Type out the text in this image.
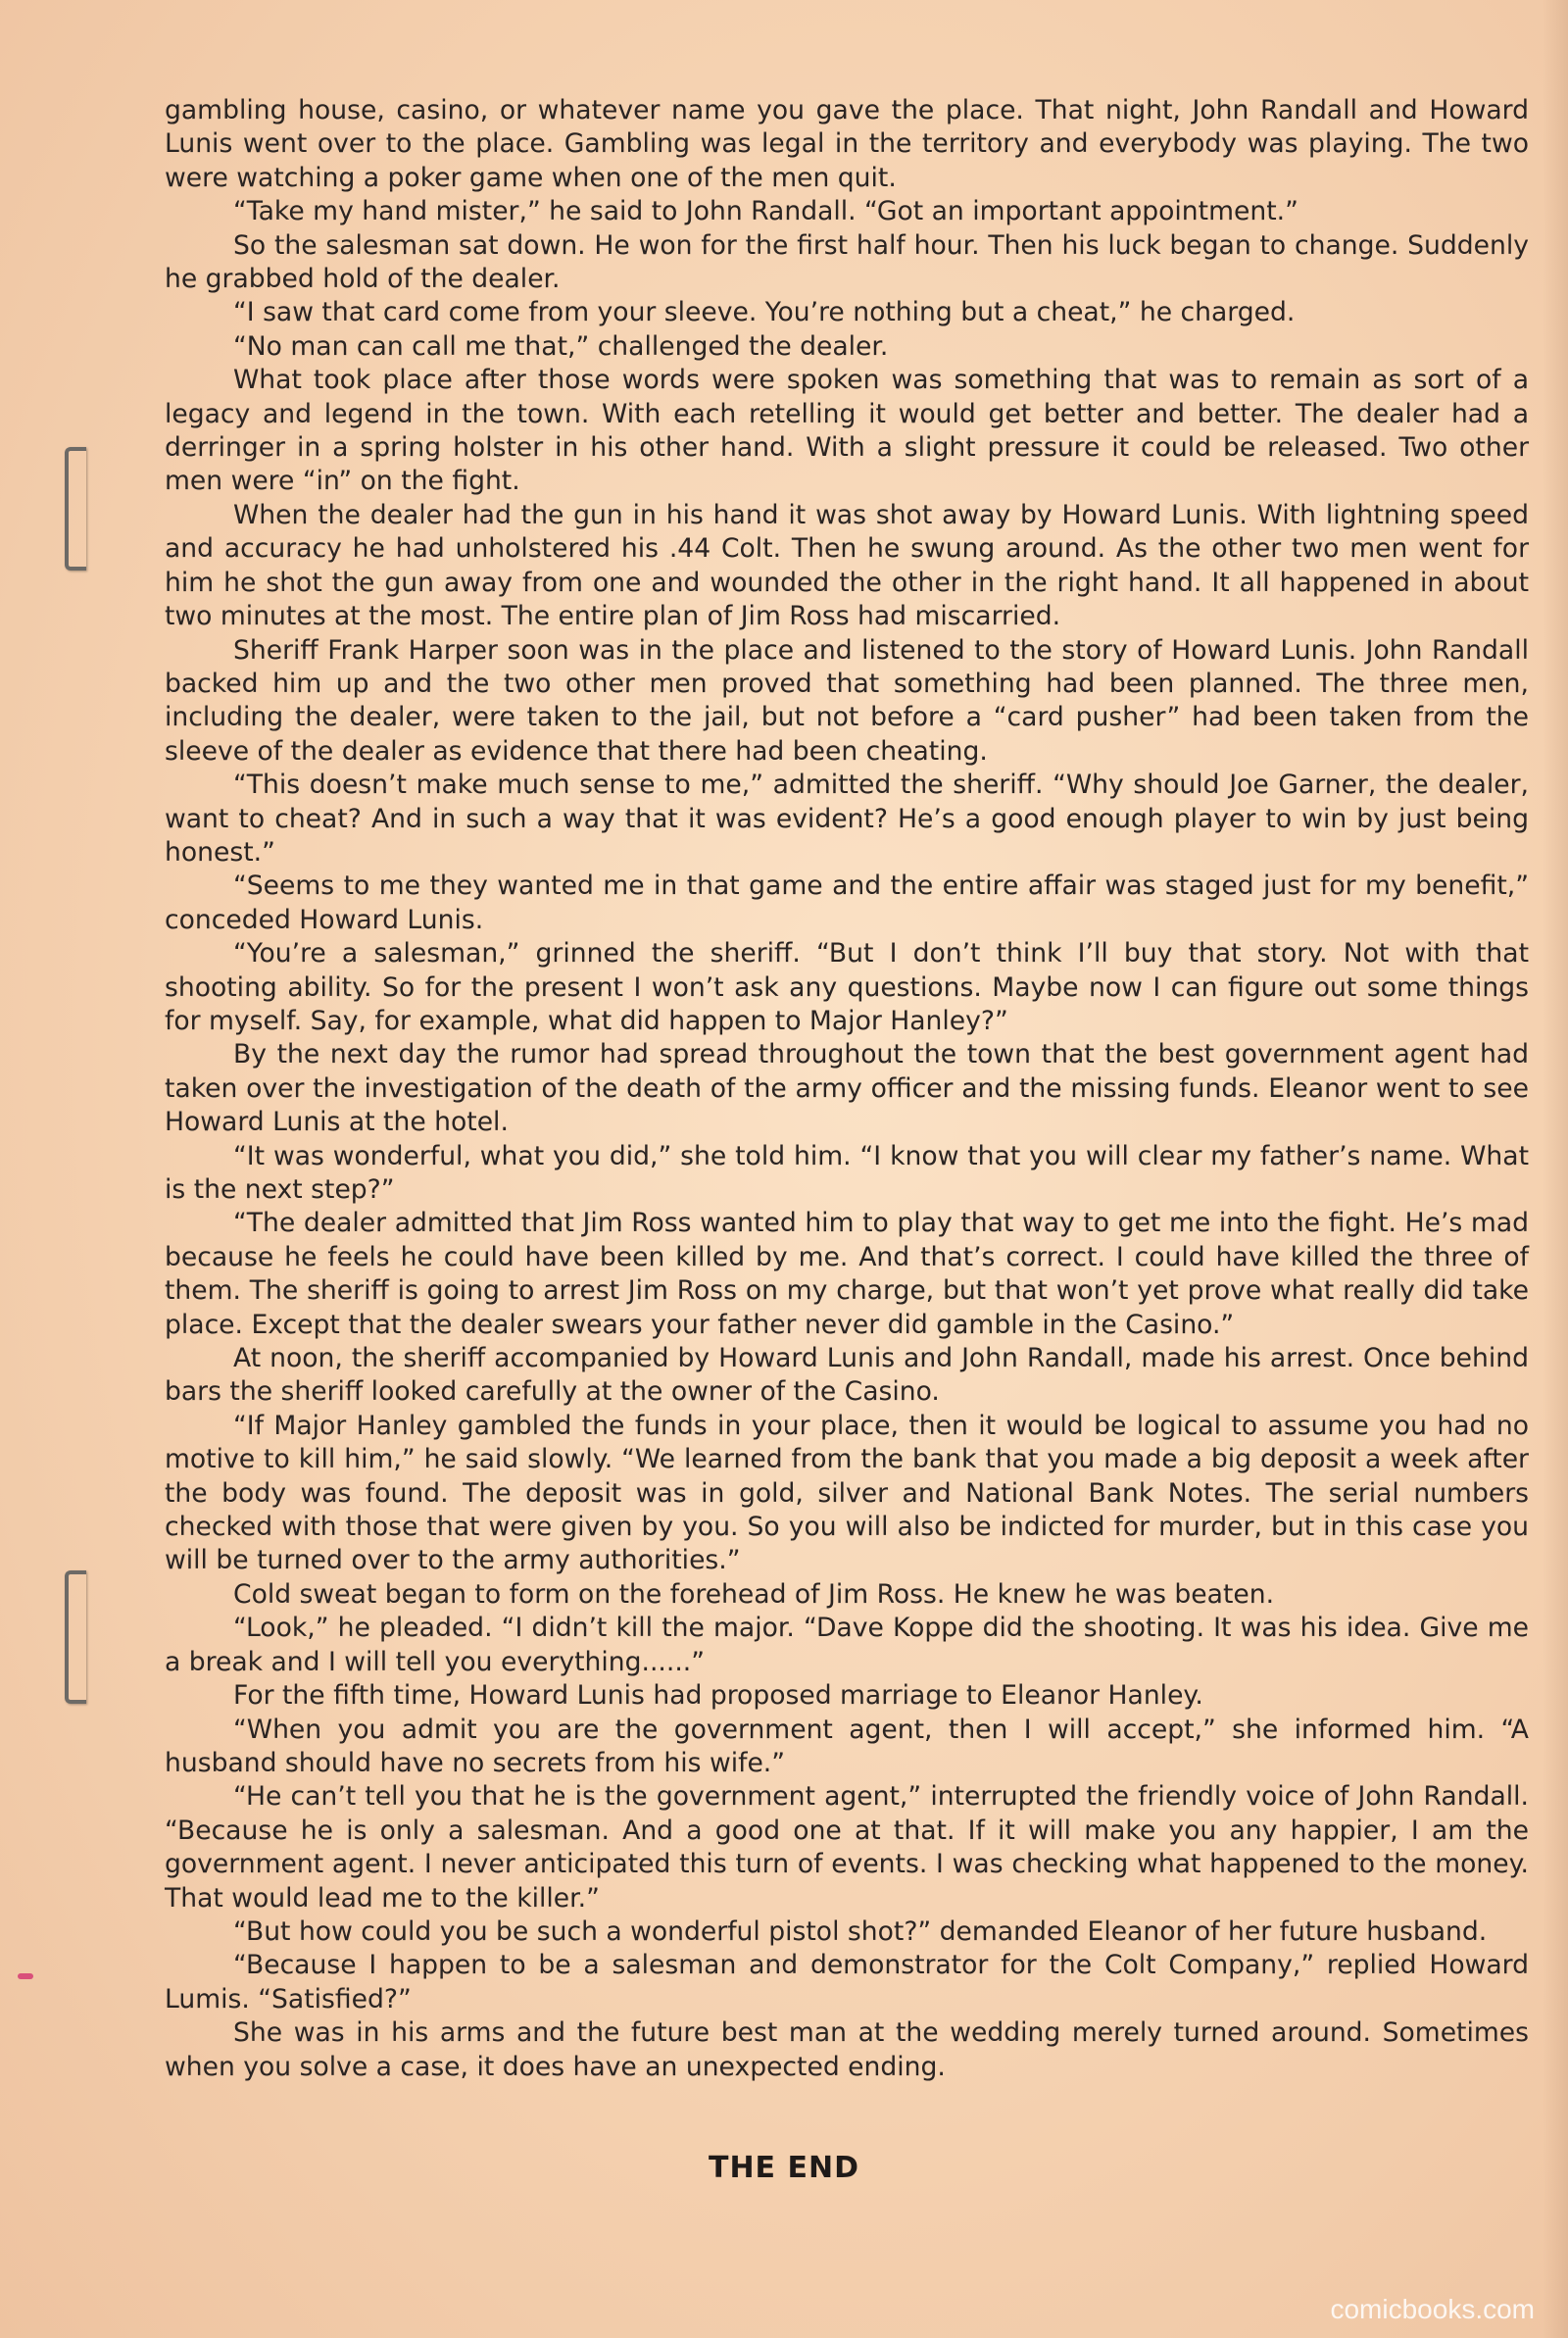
gambling house, casino, or whatever name you gave the place. That night, John Randall and Howard Lunis went over to the place. Gambling was legal in the territory and everybody was playing. The two were watching a poker game when one of the men quit.

“Take my hand mister,” he said to John Randall. “Got an important appointment.”

So the salesman sat down. He won for the first half hour. Then his luck began to change. Suddenly he grabbed hold of the dealer.

“I saw that card come from your sleeve. You’re nothing but a cheat,” he charged.

“No man can call me that,” challenged the dealer.

What took place after those words were spoken was something that was to remain as sort of a legacy and legend in the town. With each retelling it would get better and better. The dealer had a derringer in a spring holster in his other hand. With a slight pressure it could be released. Two other men were “in” on the fight.

When the dealer had the gun in his hand it was shot away by Howard Lunis. With lightning speed and accuracy he had unholstered his .44 Colt. Then he swung around. As the other two men went for him he shot the gun away from one and wounded the other in the right hand. It all happened in about two minutes at the most. The entire plan of Jim Ross had miscarried.

Sheriff Frank Harper soon was in the place and listened to the story of Howard Lunis. John Randall backed him up and the two other men proved that something had been planned. The three men, including the dealer, were taken to the jail, but not before a “card pusher” had been taken from the sleeve of the dealer as evidence that there had been cheating.

“This doesn’t make much sense to me,” admitted the sheriff. “Why should Joe Garner, the dealer, want to cheat? And in such a way that it was evident? He’s a good enough player to win by just being honest.”

“Seems to me they wanted me in that game and the entire affair was staged just for my benefit,” conceded Howard Lunis.

“You’re a salesman,” grinned the sheriff. “But I don’t think I’ll buy that story. Not with that shooting ability. So for the present I won’t ask any questions. Maybe now I can figure out some things for myself. Say, for example, what did happen to Major Hanley?”

By the next day the rumor had spread throughout the town that the best government agent had taken over the investigation of the death of the army officer and the missing funds. Eleanor went to see Howard Lunis at the hotel.

“It was wonderful, what you did,” she told him. “I know that you will clear my father’s name. What is the next step?”

“The dealer admitted that Jim Ross wanted him to play that way to get me into the fight. He’s mad because he feels he could have been killed by me. And that’s correct. I could have killed the three of them. The sheriff is going to arrest Jim Ross on my charge, but that won’t yet prove what really did take place. Except that the dealer swears your father never did gamble in the Casino.”

At noon, the sheriff accompanied by Howard Lunis and John Randall, made his arrest. Once behind bars the sheriff looked carefully at the owner of the Casino.

“If Major Hanley gambled the funds in your place, then it would be logical to assume you had no motive to kill him,” he said slowly. “We learned from the bank that you made a big deposit a week after the body was found. The deposit was in gold, silver and National Bank Notes. The serial numbers checked with those that were given by you. So you will also be indicted for murder, but in this case you will be turned over to the army authorities.”

Cold sweat began to form on the forehead of Jim Ross. He knew he was beaten.

“Look,” he pleaded. “I didn’t kill the major. “Dave Koppe did the shooting. It was his idea. Give me a break and I will tell you everything......”

For the fifth time, Howard Lunis had proposed marriage to Eleanor Hanley.

“When you admit you are the government agent, then I will accept,” she informed him. “A husband should have no secrets from his wife.”

“He can’t tell you that he is the government agent,” interrupted the friendly voice of John Randall. “Because he is only a salesman. And a good one at that. If it will make you any happier, I am the government agent. I never anticipated this turn of events. I was checking what happened to the money. That would lead me to the killer.”

“But how could you be such a wonderful pistol shot?” demanded Eleanor of her future husband.

“Because I happen to be a salesman and demonstrator for the Colt Company,” replied Howard Lumis. “Satisfied?”

She was in his arms and the future best man at the wedding merely turned around. Sometimes when you solve a case, it does have an unexpected ending.

THE END
comicbooks.com
